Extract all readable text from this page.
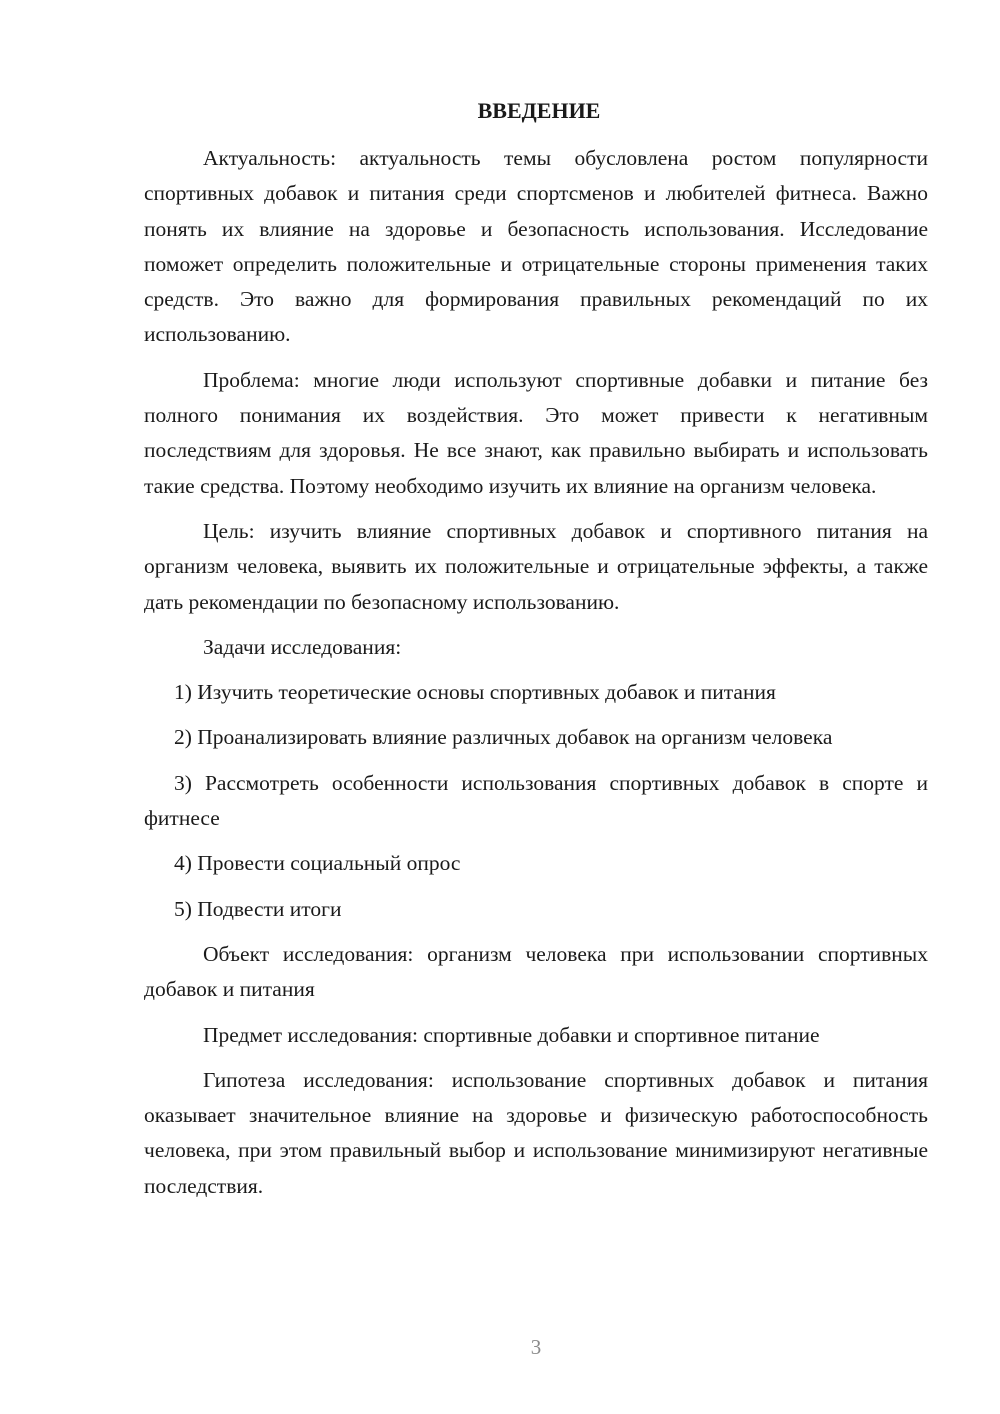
ВВЕДЕНИЕ

Актуальность: актуальность темы обусловлена ростом популярности спортивных добавок и питания среди спортсменов и любителей фитнеса. Важно понять их влияние на здоровье и безопасность использования. Исследование поможет определить положительные и отрицательные стороны применения таких средств. Это важно для формирования правильных рекомендаций по их использованию.

Проблема: многие люди используют спортивные добавки и питание без полного понимания их воздействия. Это может привести к негативным последствиям для здоровья. Не все знают, как правильно выбирать и использовать такие средства. Поэтому необходимо изучить их влияние на организм человека.

Цель: изучить влияние спортивных добавок и спортивного питания на организм человека, выявить их положительные и отрицательные эффекты, а также дать рекомендации по безопасному использованию.

Задачи исследования:

1) Изучить теоретические основы спортивных добавок и питания

2) Проанализировать влияние различных добавок на организм человека

3) Рассмотреть особенности использования спортивных добавок в спорте и фитнесе

4) Провести социальный опрос

5) Подвести итоги

Объект исследования: организм человека при использовании спортивных добавок и питания

Предмет исследования: спортивные добавки и спортивное питание

Гипотеза исследования: использование спортивных добавок и питания оказывает значительное влияние на здоровье и физическую работоспособность человека, при этом правильный выбор и использование минимизируют негативные последствия.

3
